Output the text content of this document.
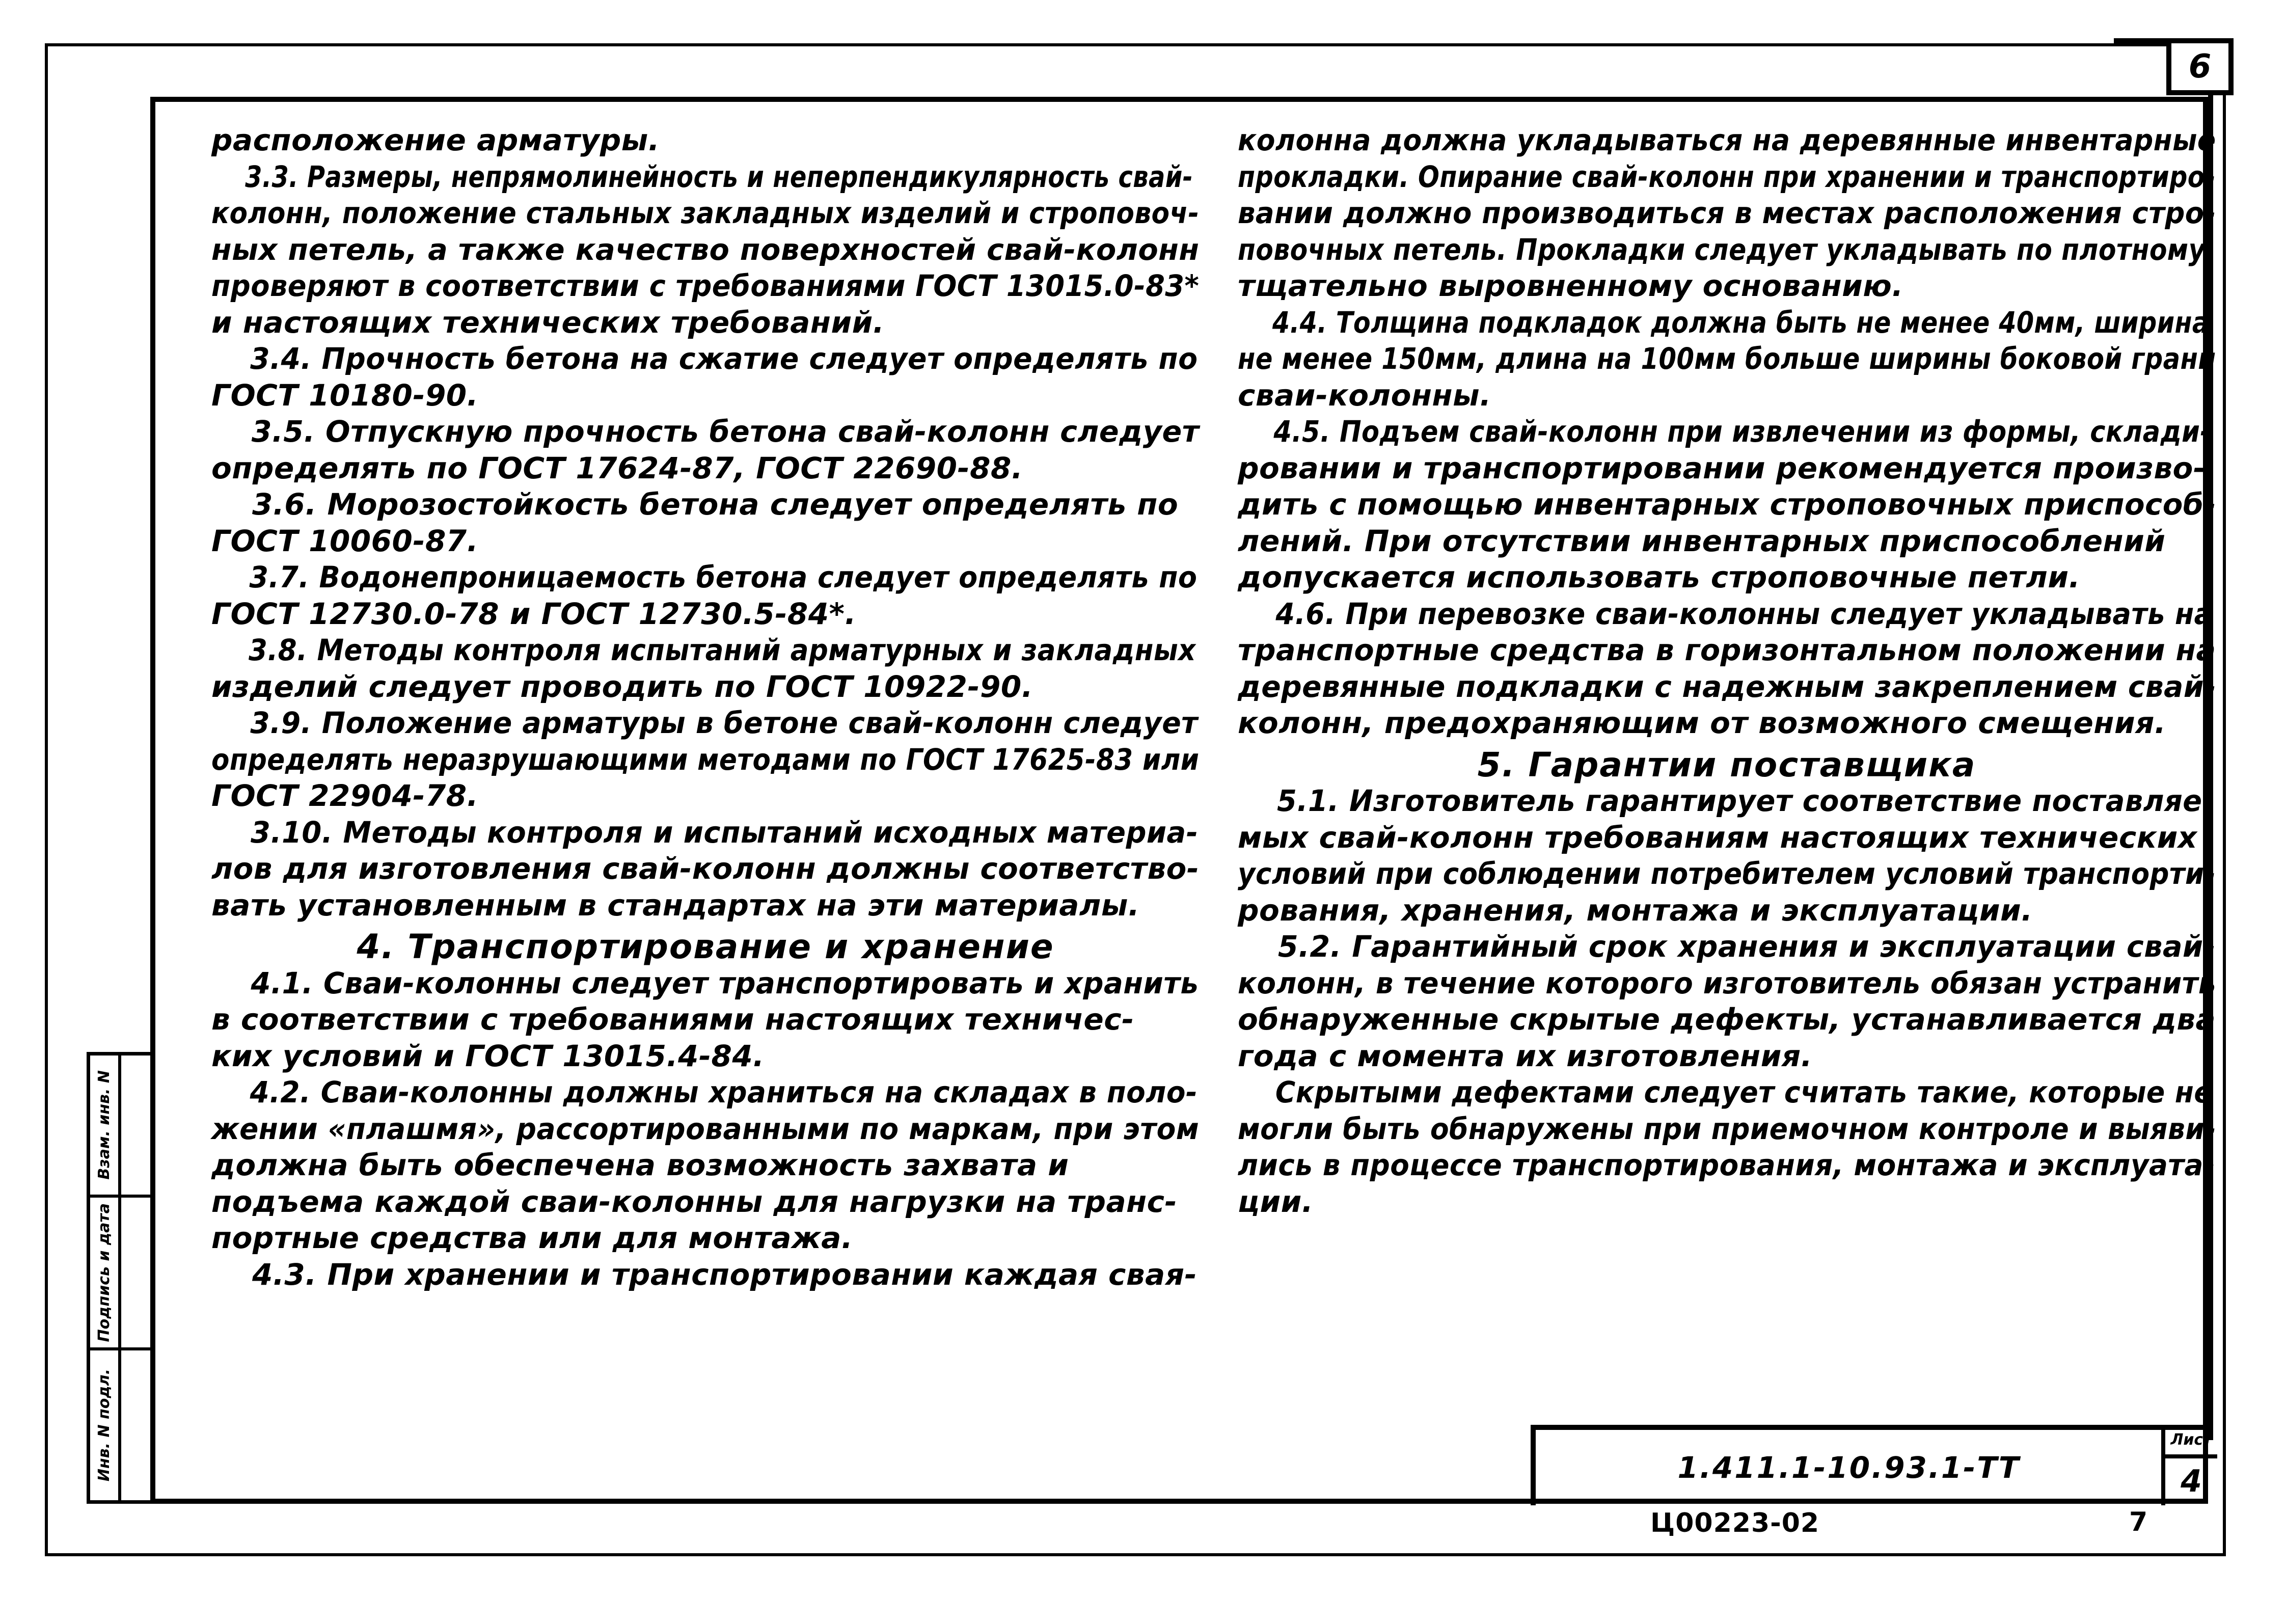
6
Инв. N подл.
Подпись и дата
Взам. инв. N
расположение арматуры.
3.3. Размеры, непрямолинейность и неперпендикулярность свай-
колонн, положение стальных закладных изделий и строповоч-
ных петель, а также качество поверхностей свай-колонн
проверяют в соответствии с требованиями ГОСТ 13015.0-83*
и настоящих технических требований.
3.4. Прочность бетона на сжатие следует определять по
ГОСТ 10180-90.
3.5. Отпускную прочность бетона свай-колонн следует
определять по ГОСТ 17624-87, ГОСТ 22690-88.
3.6. Морозостойкость бетона следует определять по
ГОСТ 10060-87.
3.7. Водонепроницаемость бетона следует определять по
ГОСТ 12730.0-78 и ГОСТ 12730.5-84*.
3.8. Методы контроля испытаний арматурных и закладных
изделий следует проводить по ГОСТ 10922-90.
3.9. Положение арматуры в бетоне свай-колонн следует
определять неразрушающими методами по ГОСТ 17625-83 или
ГОСТ 22904-78.
3.10. Методы контроля и испытаний исходных материа-
лов для изготовления свай-колонн должны соответство-
вать установленным в стандартах на эти материалы.
4. Транспортирование и хранение
4.1. Сваи-колонны следует транспортировать и хранить
в соответствии с требованиями настоящих техничес-
ких условий и ГОСТ 13015.4-84.
4.2. Сваи-колонны должны храниться на складах в поло-
жении «плашмя», рассортированными по маркам, при этом
должна быть обеспечена возможность захвата и
подъема каждой сваи-колонны для нагрузки на транс-
портные средства или для монтажа.
4.3. При хранении и транспортировании каждая свая-
колонна должна укладываться на деревянные инвентарные
прокладки. Опирание свай-колонн при хранении и транспортиро-
вании должно производиться в местах расположения стро-
повочных петель. Прокладки следует укладывать по плотному,
тщательно выровненному основанию.
4.4. Толщина подкладок должна быть не менее 40мм, ширина
не менее 150мм, длина на 100мм больше ширины боковой грани
сваи-колонны.
4.5. Подъем свай-колонн при извлечении из формы, склади-
ровании и транспортировании рекомендуется произво-
дить с помощью инвентарных строповочных приспособ-
лений. При отсутствии инвентарных приспособлений
допускается использовать строповочные петли.
4.6. При перевозке сваи-колонны следует укладывать на
транспортные средства в горизонтальном положении на
деревянные подкладки с надежным закреплением свай-
колонн, предохраняющим от возможного смещения.
5. Гарантии поставщика
5.1. Изготовитель гарантирует соответствие поставляе-
мых свай-колонн требованиям настоящих технических
условий при соблюдении потребителем условий транспорти-
рования, хранения, монтажа и эксплуатации.
5.2. Гарантийный срок хранения и эксплуатации свай-
колонн, в течение которого изготовитель обязан устранить
обнаруженные скрытые дефекты, устанавливается два
года с момента их изготовления.
Скрытыми дефектами следует считать такие, которые не
могли быть обнаружены при приемочном контроле и выяви-
лись в процессе транспортирования, монтажа и эксплуата-
ции.
1.411.1-10.93.1-ТТ
Лист
4
Ц00223-02	7
